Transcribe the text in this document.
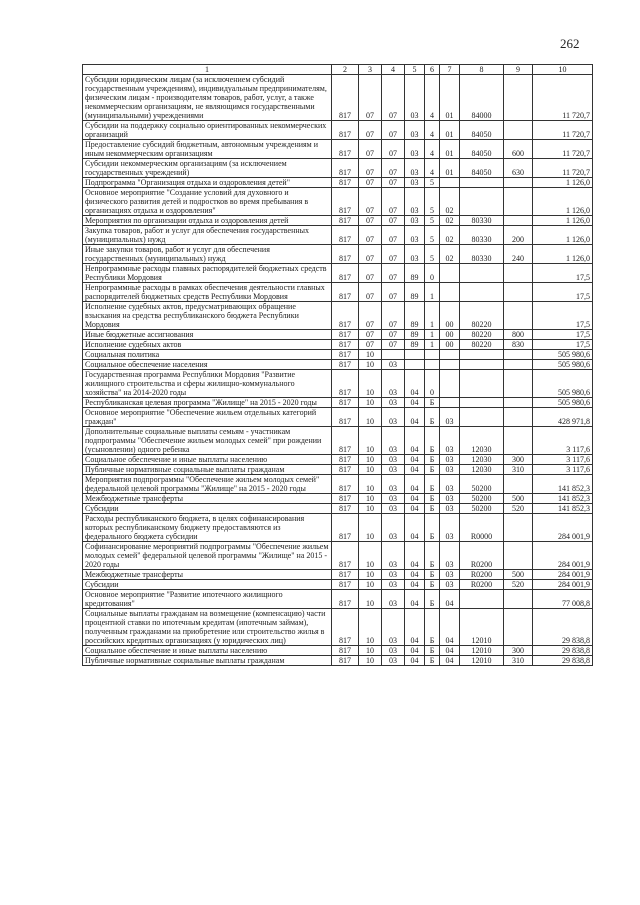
262
1	2	3	4	5	6	7	8	9	10
Субсидии юридическим лицам (за исключением субсидий государственным учреждениям), индивидуальным предпринимателям, физическим лицам - производителям товаров, работ, услуг, а также некоммерческим организациям, не являющимся государственными (муниципальными) учреждениями	817	07	07	03	4	01	84000		11 720,7
Субсидии на поддержку социально ориентированных некоммерческих организаций	817	07	07	03	4	01	84050		11 720,7
Предоставление субсидий бюджетным, автономным учреждениям и иным некоммерческим организациям	817	07	07	03	4	01	84050	600	11 720,7
Субсидии некоммерческим организациям (за исключением государственных учреждений)	817	07	07	03	4	01	84050	630	11 720,7
Подпрограмма "Организация отдыха и оздоровления детей"	817	07	07	03	5				1 126,0
Основное мероприятие "Создание условий для духовного и физического развития детей и подростков во время пребывания в организациях отдыха и оздоровления"	817	07	07	03	5	02			1 126,0
Мероприятия по организации отдыха и оздоровления детей	817	07	07	03	5	02	80330		1 126,0
Закупка товаров, работ и услуг для обеспечения государственных (муниципальных) нужд	817	07	07	03	5	02	80330	200	1 126,0
Иные закупки товаров, работ и услуг для обеспечения государственных (муниципальных) нужд	817	07	07	03	5	02	80330	240	1 126,0
Непрограммные расходы главных распорядителей бюджетных средств Республики Мордовия	817	07	07	89	0				17,5
Непрограммные расходы в рамках обеспечения деятельности главных распорядителей бюджетных средств Республики Мордовия	817	07	07	89	1				17,5
Исполнение судебных актов, предусматривающих обращение взыскания на средства республиканского бюджета Республики Мордовия	817	07	07	89	1	00	80220		17,5
Иные бюджетные ассигнования	817	07	07	89	1	00	80220	800	17,5
Исполнение судебных актов	817	07	07	89	1	00	80220	830	17,5
Социальная политика	817	10							505 980,6
Социальное обеспечение населения	817	10	03						505 980,6
Государственная программа Республики Мордовия "Развитие жилищного строительства и сферы жилищно-коммунального хозяйства" на 2014-2020 годы	817	10	03	04	0				505 980,6
Республиканская целевая программа "Жилище" на 2015 - 2020 годы	817	10	03	04	Б				505 980,6
Основное мероприятие "Обеспечение жильем отдельных категорий граждан"	817	10	03	04	Б	03			428 971,8
Дополнительные социальные выплаты семьям - участникам подпрограммы "Обеспечение жильем молодых семей" при рождении (усыновлении) одного ребенка	817	10	03	04	Б	03	12030		3 117,6
Социальное обеспечение и иные выплаты населению	817	10	03	04	Б	03	12030	300	3 117,6
Публичные нормативные социальные выплаты гражданам	817	10	03	04	Б	03	12030	310	3 117,6
Мероприятия подпрограммы "Обеспечение жильем молодых семей" федеральной целевой программы "Жилище" на 2015 - 2020 годы	817	10	03	04	Б	03	50200		141 852,3
Межбюджетные трансферты	817	10	03	04	Б	03	50200	500	141 852,3
Субсидии	817	10	03	04	Б	03	50200	520	141 852,3
Расходы республиканского бюджета, в целях софинансирования которых республиканскому бюджету предоставляются из федерального бюджета субсидии	817	10	03	04	Б	03	R0000		284 001,9
Софинансирование мероприятий подпрограммы "Обеспечение жильем молодых семей" федеральной целевой программы "Жилище" на 2015 - 2020 годы	817	10	03	04	Б	03	R0200		284 001,9
Межбюджетные трансферты	817	10	03	04	Б	03	R0200	500	284 001,9
Субсидии	817	10	03	04	Б	03	R0200	520	284 001,9
Основное мероприятие "Развитие ипотечного жилищного кредитования"	817	10	03	04	Б	04			77 008,8
Социальные выплаты гражданам на возмещение (компенсацию) части процентной ставки по ипотечным кредитам (ипотечным займам), полученным гражданами на приобретение или строительство жилья в российских кредитных организациях (у юридических лиц)	817	10	03	04	Б	04	12010		29 838,8
Социальное обеспечение и иные выплаты населению	817	10	03	04	Б	04	12010	300	29 838,8
Публичные нормативные социальные выплаты гражданам	817	10	03	04	Б	04	12010	310	29 838,8
